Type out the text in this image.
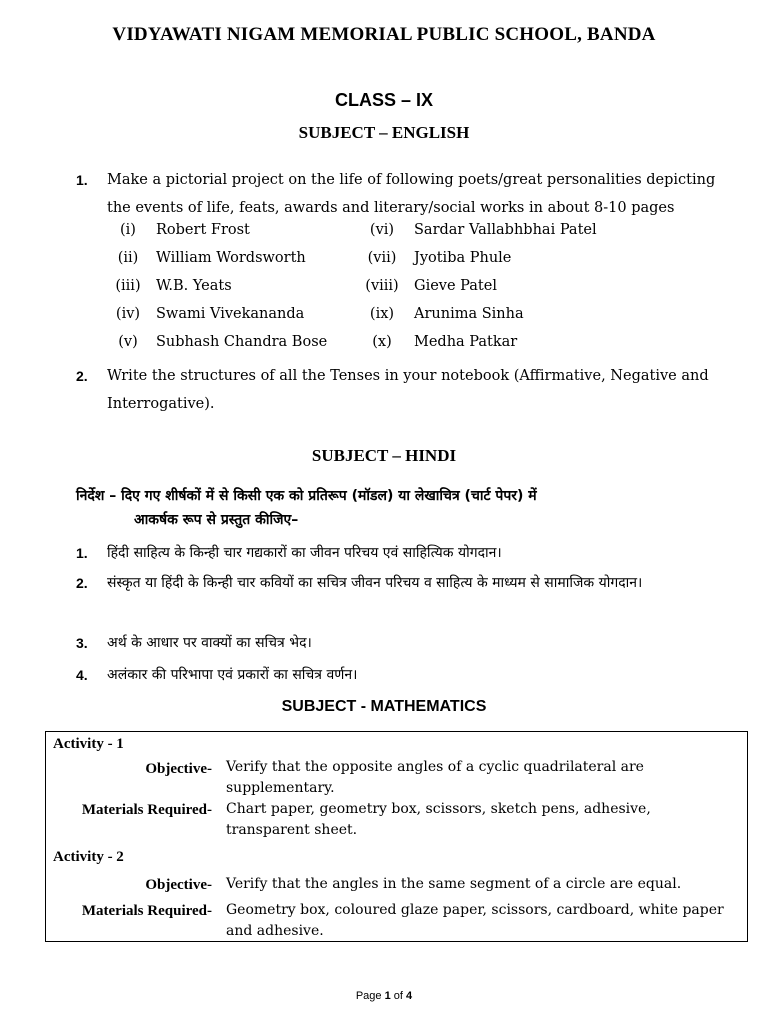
VIDYAWATI NIGAM MEMORIAL PUBLIC SCHOOL, BANDA
CLASS – IX
SUBJECT – ENGLISH
1. Make a pictorial project on the life of following poets/great personalities depicting the events of life, feats, awards and literary/social works in about 8-10 pages
(i)	Robert Frost	(vi)	Sardar Vallabhbhai Patel
(ii)	William Wordsworth	(vii)	Jyotiba Phule
(iii)	W.B. Yeats	(viii)	Gieve Patel
(iv)	Swami Vivekananda	(ix)	Arunima Sinha
(v)	Subhash Chandra Bose	(x)	Medha Patkar
2. Write the structures of all the Tenses in your notebook (Affirmative, Negative and Interrogative).
SUBJECT – HINDI
निर्देश – दिए गए शीर्षकों में से किसी एक को प्रतिरूप (मॉडल) या लेखाचित्र (चार्ट पेपर) में
आकर्षक रूप से प्रस्तुत कीजिए–
1. हिंदी साहित्य के किन्ही चार गद्यकारों का जीवन परिचय एवं साहित्यिक योगदान।
2. संस्कृत या हिंदी के किन्ही चार कवियों का सचित्र जीवन परिचय व साहित्य के माध्यम से सामाजिक योगदान।
3. अर्थ के आधार पर वाक्यों का सचित्र भेद।
4. अलंकार की परिभापा एवं प्रकारों का सचित्र वर्णन।
SUBJECT - MATHEMATICS
Activity - 1
Objective- Verify that the opposite angles of a cyclic quadrilateral are supplementary.
Materials Required- Chart paper, geometry box, scissors, sketch pens, adhesive, transparent sheet.
Activity - 2
Objective- Verify that the angles in the same segment of a circle are equal.
Materials Required- Geometry box, coloured glaze paper, scissors, cardboard, white paper and adhesive.
Page 1 of 4
